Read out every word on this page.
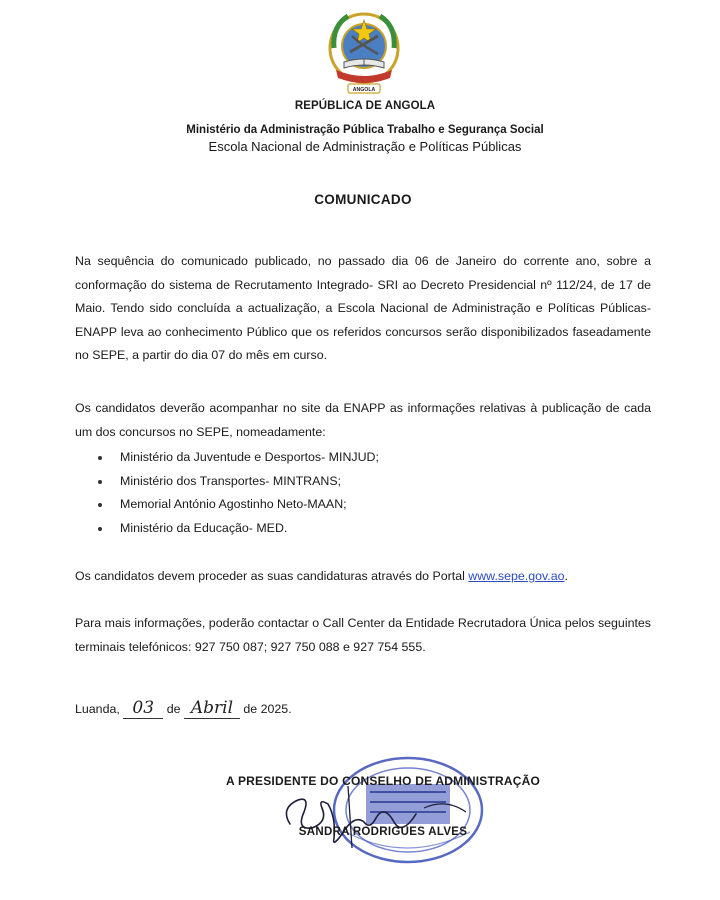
ANGOLA
REPÚBLICA DE ANGOLA
Ministério da Administração Pública Trabalho e Segurança Social
Escola Nacional de Administração e Políticas Públicas
COMUNICADO

Na sequência do comunicado publicado, no passado dia 06 de Janeiro do corrente ano, sobre a conformação do sistema de Recrutamento Integrado- SRI ao Decreto Presidencial nº 112/24, de 17 de Maio. Tendo sido concluída a actualização, a Escola Nacional de Administração e Políticas Públicas- ENAPP leva ao conhecimento Público que os referidos concursos serão disponibilizados faseadamente no SEPE, a partir do dia 07 do mês em curso.

Os candidatos deverão acompanhar no site da ENAPP as informações relativas à publicação de cada um dos concursos no SEPE, nomeadamente:

Ministério da Juventude e Desportos- MINJUD;
Ministério dos Transportes- MINTRANS;
Memorial António Agostinho Neto-MAAN;
Ministério da Educação- MED.

Os candidatos devem proceder as suas candidaturas através do Portal www.sepe.gov.ao.

Para mais informações, poderão contactar o Call Center da Entidade Recrutadora Única pelos seguintes terminais telefónicos: 927 750 087; 927 750 088 e 927 754 555.

Luanda, 03 de Abril de 2025.
A PRESIDENTE DO CONSELHO DE ADMINISTRAÇÃO
SANDRA RODRIGUES ALVES
